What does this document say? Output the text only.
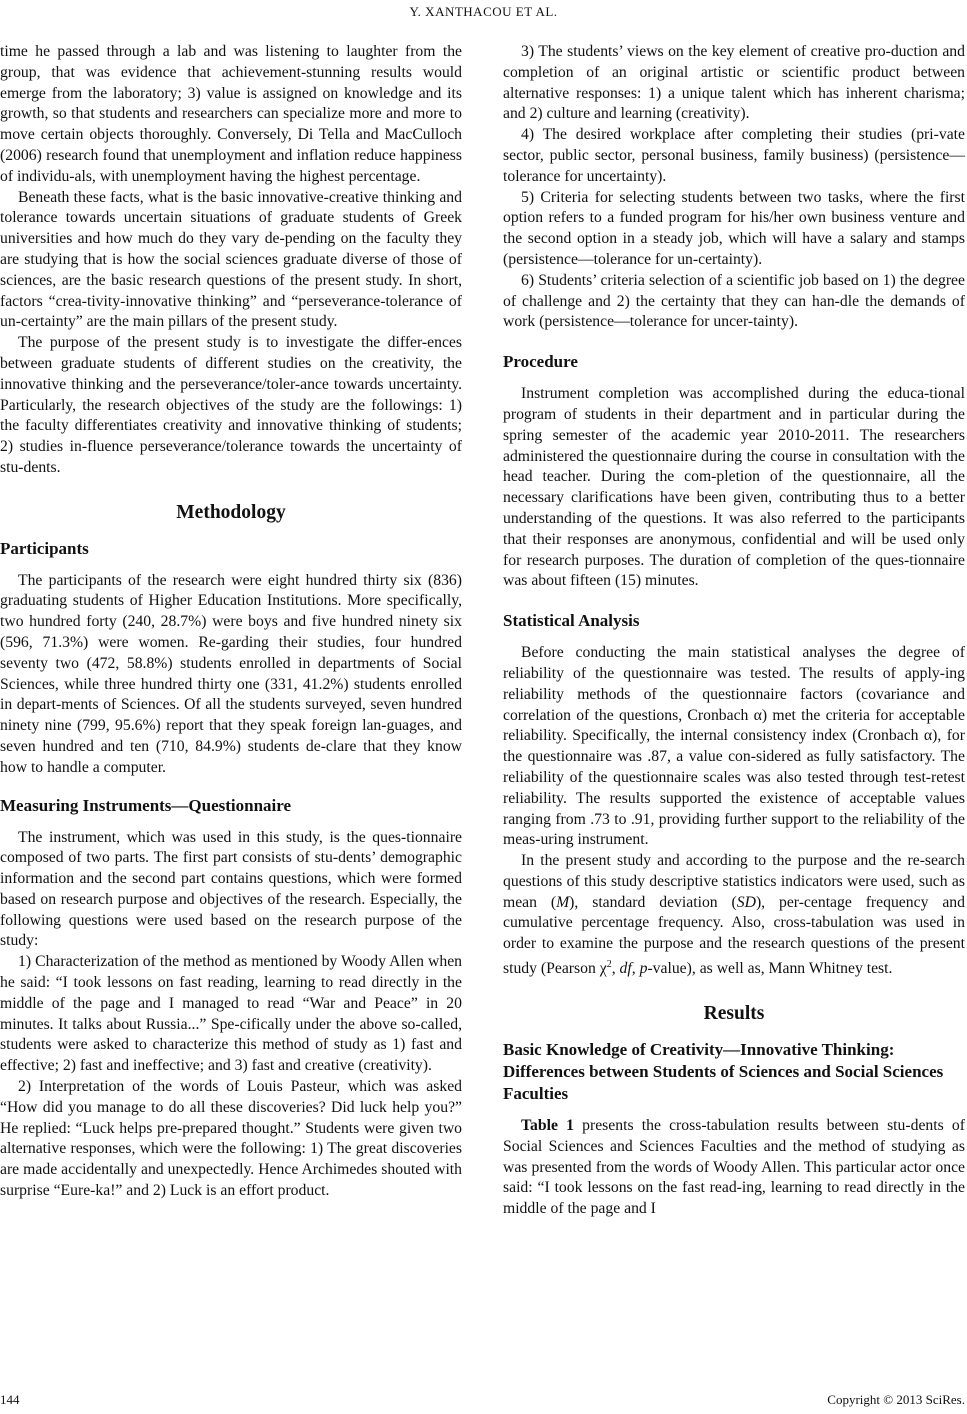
Y. XANTHACOU ET AL.

time he passed through a lab and was listening to laughter from the group, that was evidence that achievement-stunning results would emerge from the laboratory; 3) value is assigned on knowledge and its growth, so that students and researchers can specialize more and more to move certain objects thoroughly. Conversely, Di Tella and MacCulloch (2006) research found that unemployment and inflation reduce happiness of individu-als, with unemployment having the highest percentage.

Beneath these facts, what is the basic innovative-creative thinking and tolerance towards uncertain situations of graduate students of Greek universities and how much do they vary de-pending on the faculty they are studying that is how the social sciences graduate diverse of those of sciences, are the basic research questions of the present study. In short, factors “crea-tivity-innovative thinking” and “perseverance-tolerance of un-certainty” are the main pillars of the present study.

The purpose of the present study is to investigate the differ-ences between graduate students of different studies on the creativity, the innovative thinking and the perseverance/toler-ance towards uncertainty. Particularly, the research objectives of the study are the followings: 1) the faculty differentiates creativity and innovative thinking of students; 2) studies in-fluence perseverance/tolerance towards the uncertainty of stu-dents.

Methodology
Participants

The participants of the research were eight hundred thirty six (836) graduating students of Higher Education Institutions. More specifically, two hundred forty (240, 28.7%) were boys and five hundred ninety six (596, 71.3%) were women. Re-garding their studies, four hundred seventy two (472, 58.8%) students enrolled in departments of Social Sciences, while three hundred thirty one (331, 41.2%) students enrolled in depart-ments of Sciences. Of all the students surveyed, seven hundred ninety nine (799, 95.6%) report that they speak foreign lan-guages, and seven hundred and ten (710, 84.9%) students de-clare that they know how to handle a computer.

Measuring Instruments—Questionnaire

The instrument, which was used in this study, is the ques-tionnaire composed of two parts. The first part consists of stu-dents’ demographic information and the second part contains questions, which were formed based on research purpose and objectives of the research. Especially, the following questions were used based on the research purpose of the study:

1) Characterization of the method as mentioned by Woody Allen when he said: “I took lessons on fast reading, learning to read directly in the middle of the page and I managed to read “War and Peace” in 20 minutes. It talks about Russia...” Spe-cifically under the above so-called, students were asked to characterize this method of study as 1) fast and effective; 2) fast and ineffective; and 3) fast and creative (creativity).

2) Interpretation of the words of Louis Pasteur, which was asked “How did you manage to do all these discoveries? Did luck help you?” He replied: “Luck helps pre-prepared thought.” Students were given two alternative responses, which were the following: 1) The great discoveries are made accidentally and unexpectedly. Hence Archimedes shouted with surprise “Eure-ka!” and 2) Luck is an effort product.

3) The students’ views on the key element of creative pro-duction and completion of an original artistic or scientific product between alternative responses: 1) a unique talent which has inherent charisma; and 2) culture and learning (creativity).

4) The desired workplace after completing their studies (pri-vate sector, public sector, personal business, family business) (persistence—tolerance for uncertainty).

5) Criteria for selecting students between two tasks, where the first option refers to a funded program for his/her own business venture and the second option in a steady job, which will have a salary and stamps (persistence—tolerance for un-certainty).

6) Students’ criteria selection of a scientific job based on 1) the degree of challenge and 2) the certainty that they can han-dle the demands of work (persistence—tolerance for uncer-tainty).

Procedure

Instrument completion was accomplished during the educa-tional program of students in their department and in particular during the spring semester of the academic year 2010-2011. The researchers administered the questionnaire during the course in consultation with the head teacher. During the com-pletion of the questionnaire, all the necessary clarifications have been given, contributing thus to a better understanding of the questions. It was also referred to the participants that their responses are anonymous, confidential and will be used only for research purposes. The duration of completion of the ques-tionnaire was about fifteen (15) minutes.

Statistical Analysis

Before conducting the main statistical analyses the degree of reliability of the questionnaire was tested. The results of apply-ing reliability methods of the questionnaire factors (covariance and correlation of the questions, Cronbach α) met the criteria for acceptable reliability. Specifically, the internal consistency index (Cronbach α), for the questionnaire was .87, a value con-sidered as fully satisfactory. The reliability of the questionnaire scales was also tested through test-retest reliability. The results supported the existence of acceptable values ranging from .73 to .91, providing further support to the reliability of the meas-uring instrument.

In the present study and according to the purpose and the re-search questions of this study descriptive statistics indicators were used, such as mean (M), standard deviation (SD), per-centage frequency and cumulative percentage frequency. Also, cross-tabulation was used in order to examine the purpose and the research questions of the present study (Pearson $\chi^2$, df, p-value), as well as, Mann Whitney test.

Results
Basic Knowledge of Creativity—Innovative Thinking: Differences between Students of Sciences and Social Sciences Faculties

Table 1 presents the cross-tabulation results between stu-dents of Social Sciences and Sciences Faculties and the method of studying as was presented from the words of Woody Allen. This particular actor once said: “I took lessons on the fast read-ing, learning to read directly in the middle of the page and I

144	Copyright © 2013 SciRes.
